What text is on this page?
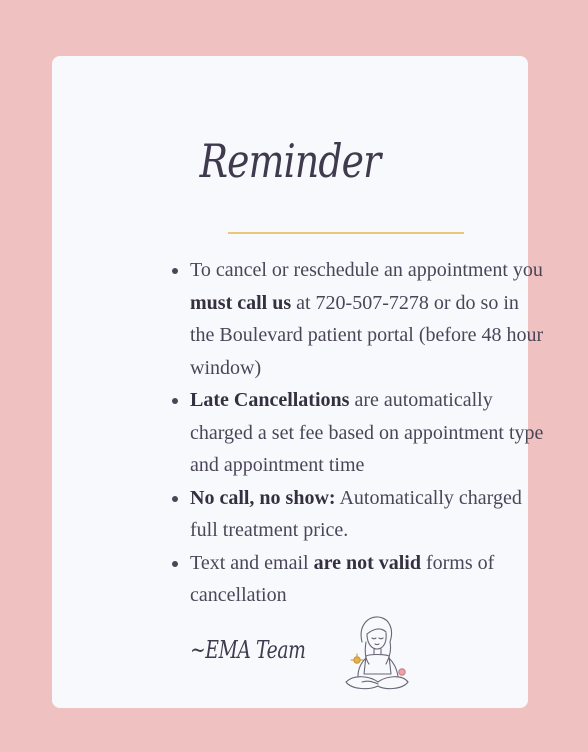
Reminder
• To cancel or reschedule an appointment you must call us at 720-507-7278 or do so in the Boulevard patient portal (before 48 hour window)
• Late Cancellations are automatically charged a set fee based on appointment type and appointment time
• No call, no show: Automatically charged full treatment price.
• Text and email are not valid forms of cancellation

~EMA Team
